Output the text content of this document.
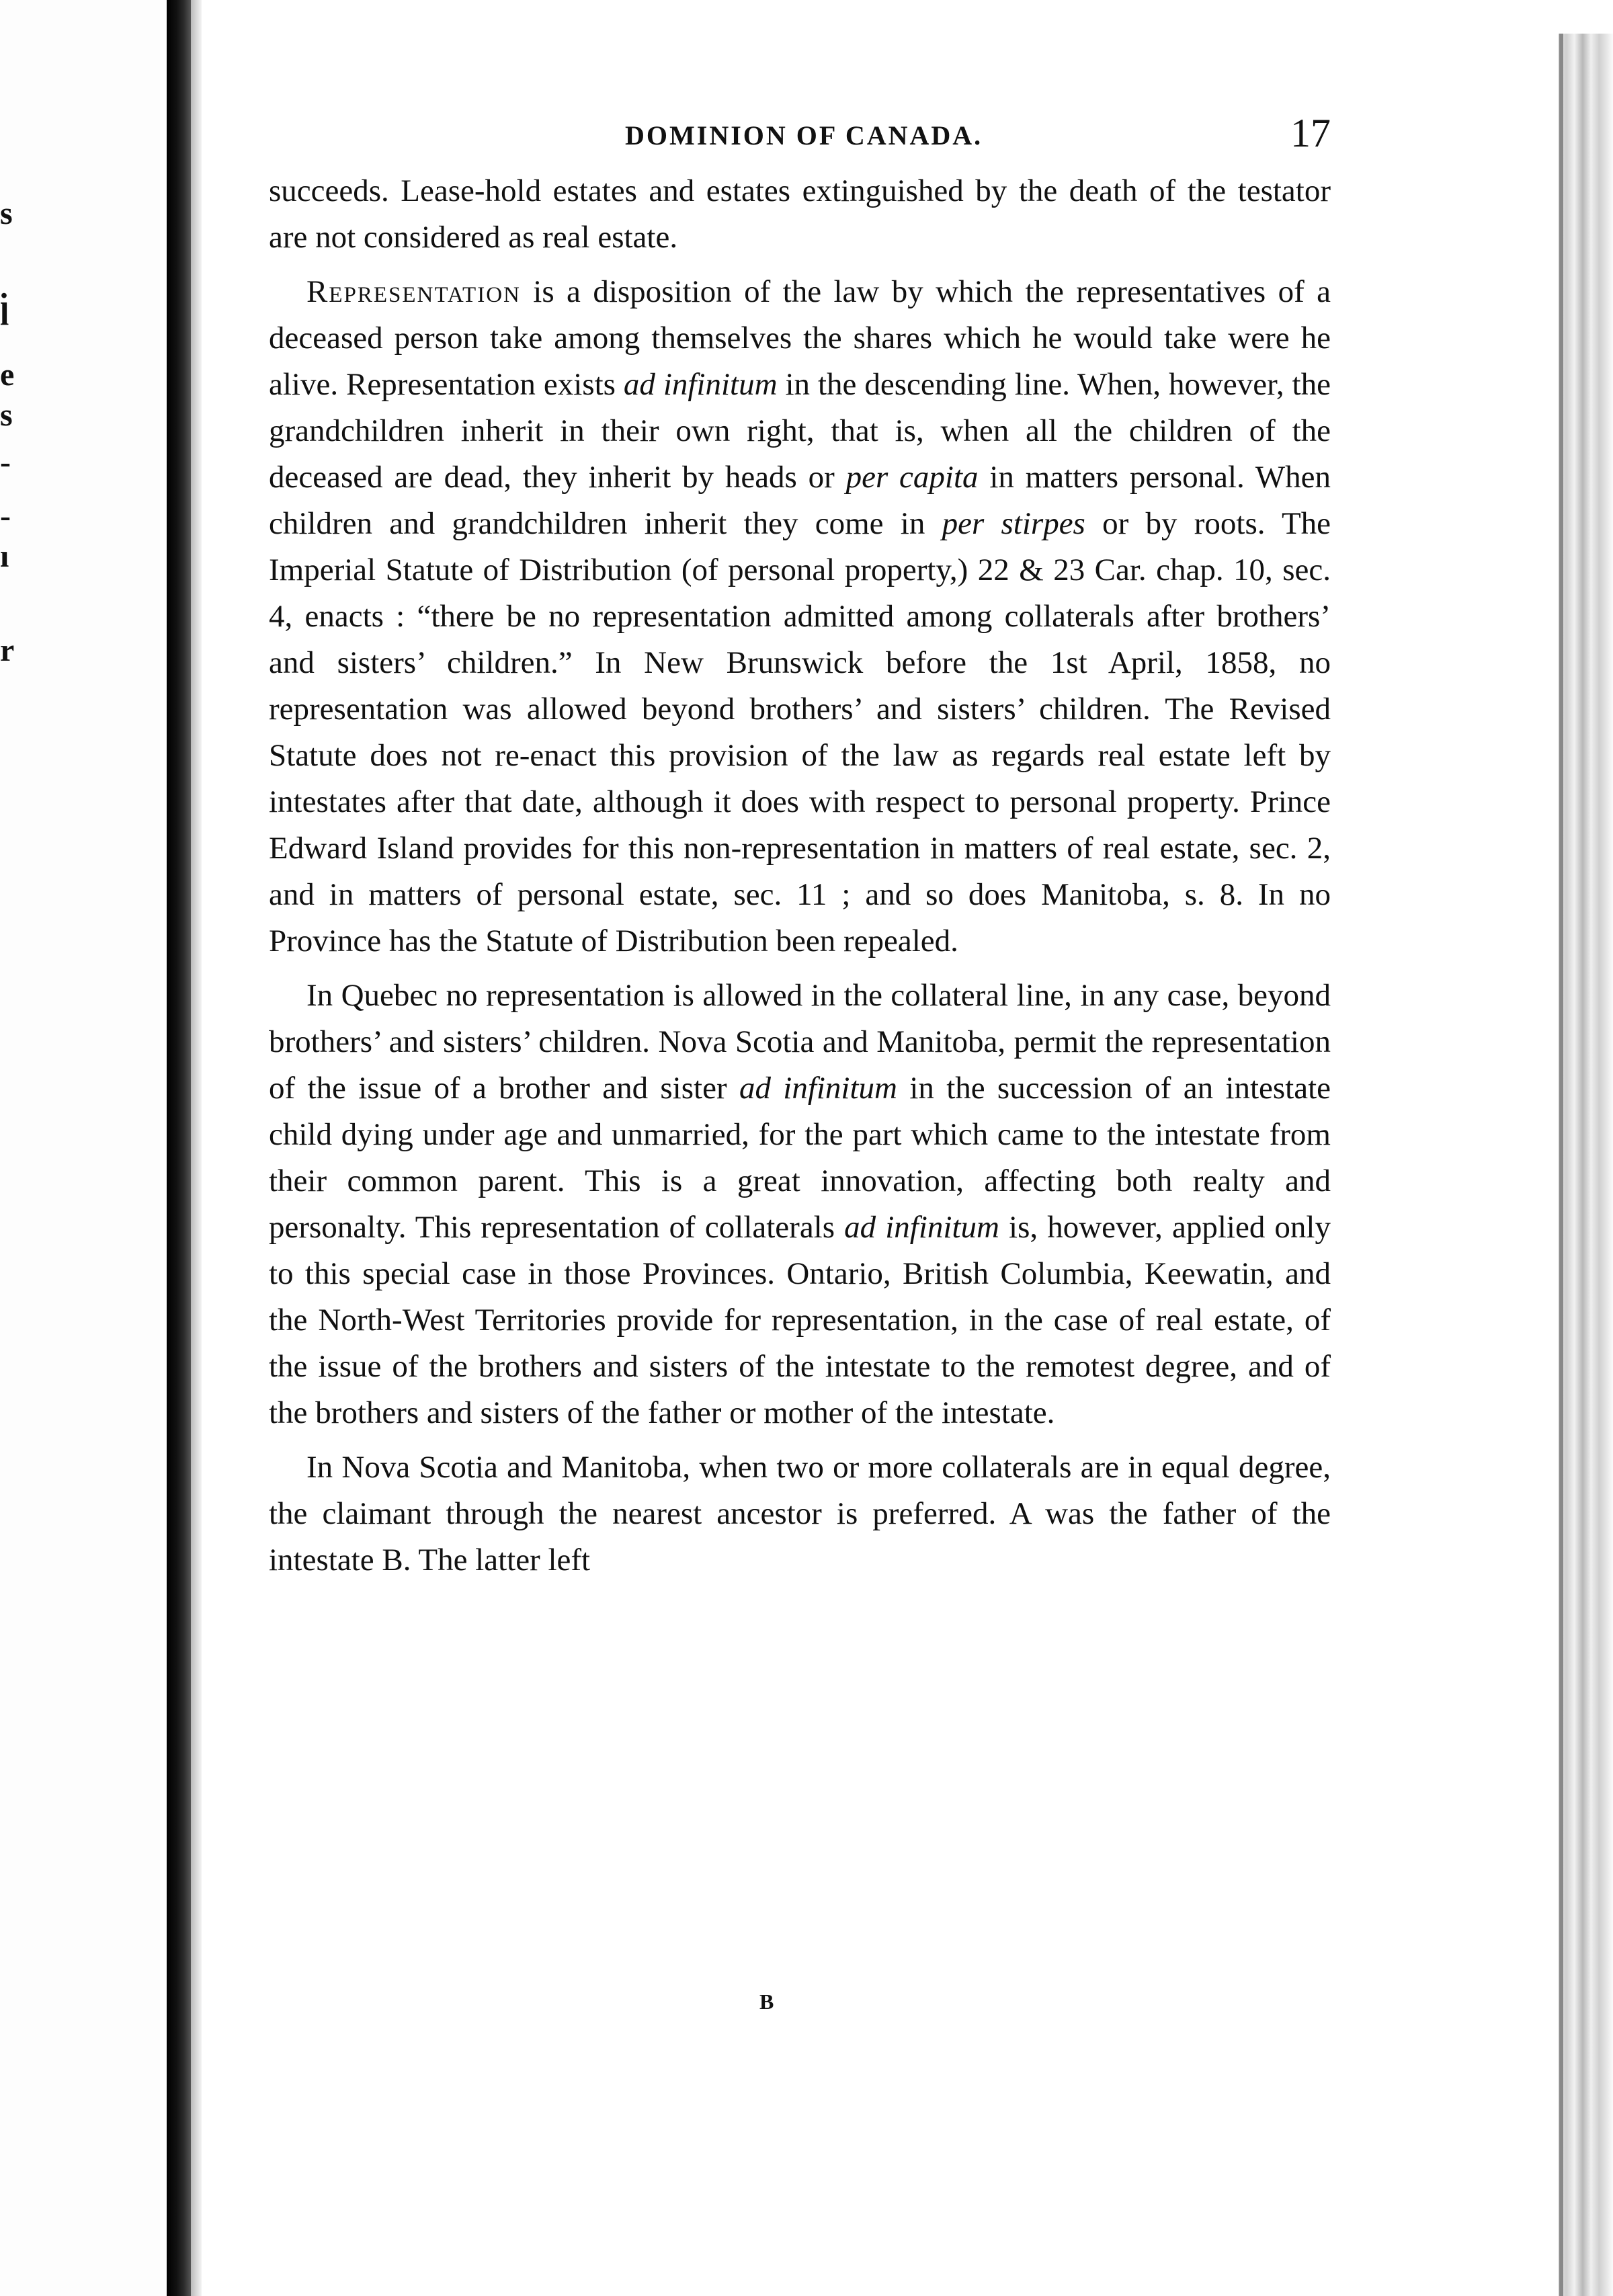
s
.
l
e
s
-
-
ı
r
DOMINION OF CANADA.	17

succeeds. Lease-hold estates and estates extinguished by the death of the testator are not considered as real estate.

Representation is a disposition of the law by which the representatives of a deceased person take among themselves the shares which he would take were he alive. Representation exists ad infinitum in the descending line. When, however, the grandchildren inherit in their own right, that is, when all the children of the deceased are dead, they inherit by heads or per capita in matters personal. When children and grandchildren inherit they come in per stirpes or by roots. The Imperial Statute of Distribution (of personal property,) 22 & 23 Car. chap. 10, sec. 4, enacts : “there be no representation admitted among collaterals after brothers’ and sisters’ children.” In New Brunswick before the 1st April, 1858, no representation was allowed beyond brothers’ and sisters’ children. The Revised Statute does not re-enact this provision of the law as regards real estate left by intestates after that date, although it does with respect to personal property. Prince Edward Island provides for this non-representation in matters of real estate, sec. 2, and in matters of personal estate, sec. 11 ; and so does Manitoba, s. 8. In no Province has the Statute of Distribution been repealed.

In Quebec no representation is allowed in the collateral line, in any case, beyond brothers’ and sisters’ children. Nova Scotia and Manitoba, permit the representation of the issue of a brother and sister ad infinitum in the succession of an intestate child dying under age and unmarried, for the part which came to the intestate from their common parent. This is a great innovation, affecting both realty and personalty. This representation of collaterals ad infinitum is, however, applied only to this special case in those Provinces. Ontario, British Columbia, Keewatin, and the North-West Territories provide for representation, in the case of real estate, of the issue of the brothers and sisters of the intestate to the remotest degree, and of the brothers and sisters of the father or mother of the intestate.

In Nova Scotia and Manitoba, when two or more collaterals are in equal degree, the claimant through the nearest ancestor is preferred. A was the father of the intestate B. The latter left

B
